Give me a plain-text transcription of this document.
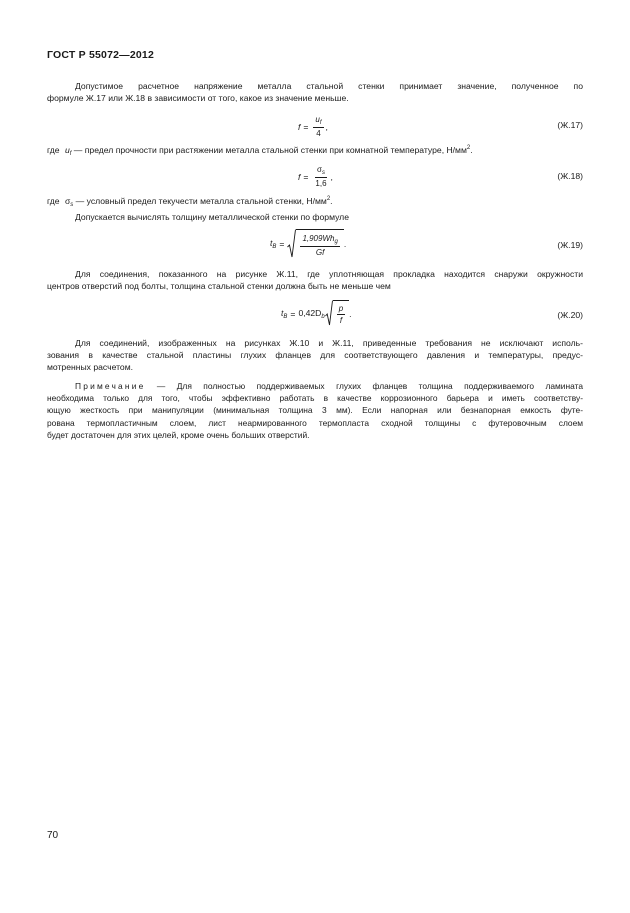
ГОСТ Р 55072—2012
Допустимое расчетное напряжение металла стальной стенки принимает значение, полученное по
формуле Ж.17 или Ж.18 в зависимости от того, какое из значение меньше.
$f = \frac{u_f}{4}$ ,	(Ж.17)
где $u_f$ — предел прочности при растяжении металла стальной стенки при комнатной температуре, $Н/мм^2$.
$f = \frac{\sigma_s}{1,6}$ ,	(Ж.18)
где $\sigma_s$ — условный предел текучести металла стальной стенки, $Н/мм^2$.
Допускается вычислять толщину металлической стенки по формуле
$t_B = \frac{1,909Wh_g}{Gf}$ .	(Ж.19)
Для соединения, показанного на рисунке Ж.11, где уплотняющая прокладка находится снаружи окружности
центров отверстий под болты, толщина стальной стенки должна быть не меньше чем
$t_B = 0,42D_b \frac{p}{f}$ .	(Ж.20)
Для соединений, изображенных на рисунках Ж.10 и Ж.11, приведенные требования не исключают исполь-
зования в качестве стальной пластины глухих фланцев для соответствующего давления и температуры, предус-
мотренных расчетом.
Примечание — Для полностью поддерживаемых глухих фланцев толщина поддерживаемого ламината
необходима только для того, чтобы эффективно работать в качестве коррозионного барьера и иметь соответству-
ющую жесткость при манипуляции (минимальная толщина 3 мм). Если напорная или безнапорная емкость футе-
рована термопластичным слоем, лист неармированного термопласта сходной толщины с футеровочным слоем
будет достаточен для этих целей, кроме очень больших отверстий.
70
